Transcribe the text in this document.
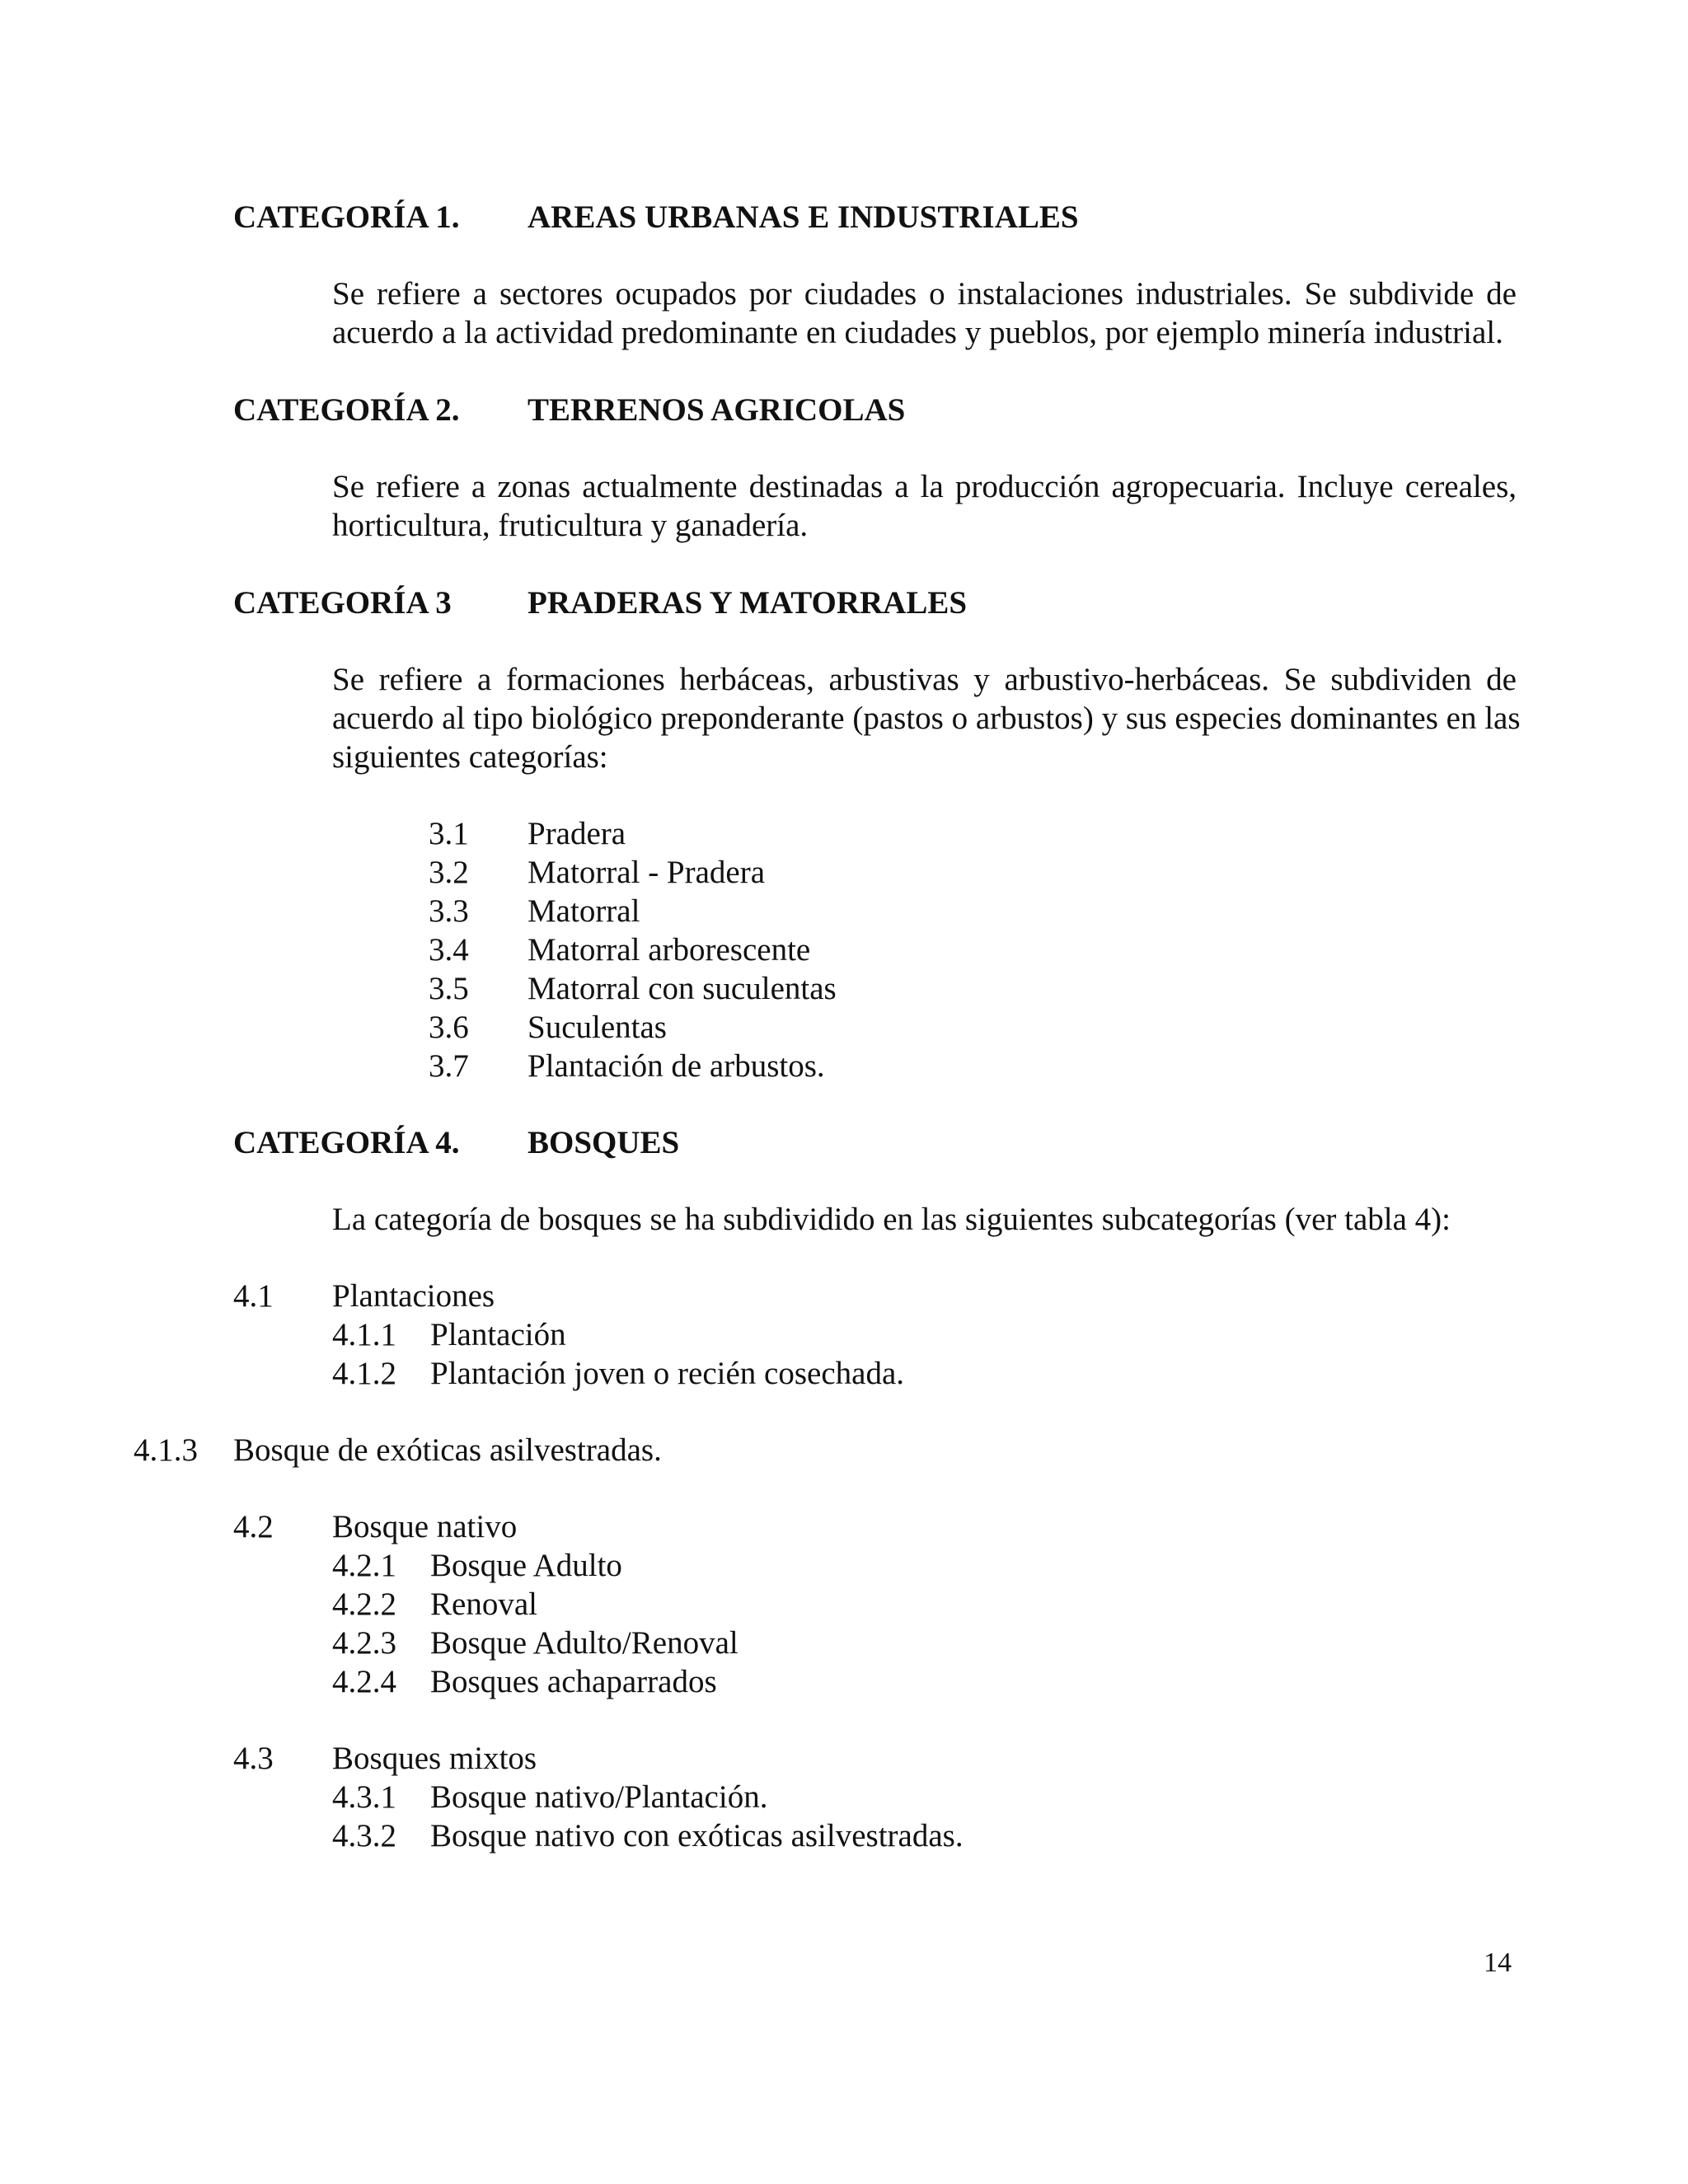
CATEGORÍA 1. AREAS URBANAS E INDUSTRIALES
Se refiere a sectores ocupados por ciudades o instalaciones industriales. Se subdivide de
acuerdo a la actividad predominante en ciudades y pueblos, por ejemplo minería industrial.
CATEGORÍA 2. TERRENOS AGRICOLAS
Se refiere a zonas actualmente destinadas a la producción agropecuaria. Incluye cereales,
horticultura, fruticultura y ganadería.
CATEGORÍA 3 PRADERAS Y MATORRALES
Se refiere a formaciones herbáceas, arbustivas y arbustivo-herbáceas. Se subdividen de
acuerdo al tipo biológico preponderante (pastos o arbustos) y sus especies dominantes en las
siguientes categorías:
3.1 Pradera
3.2 Matorral - Pradera
3.3 Matorral
3.4 Matorral arborescente
3.5 Matorral con suculentas
3.6 Suculentas
3.7 Plantación de arbustos.
CATEGORÍA 4. BOSQUES
La categoría de bosques se ha subdividido en las siguientes subcategorías (ver tabla 4):
4.1 Plantaciones
4.1.1 Plantación
4.1.2 Plantación joven o recién cosechada.
4.1.3 Bosque de exóticas asilvestradas.
4.2 Bosque nativo
4.2.1 Bosque Adulto
4.2.2 Renoval
4.2.3 Bosque Adulto/Renoval
4.2.4 Bosques achaparrados
4.3 Bosques mixtos
4.3.1 Bosque nativo/Plantación.
4.3.2 Bosque nativo con exóticas asilvestradas.
14
